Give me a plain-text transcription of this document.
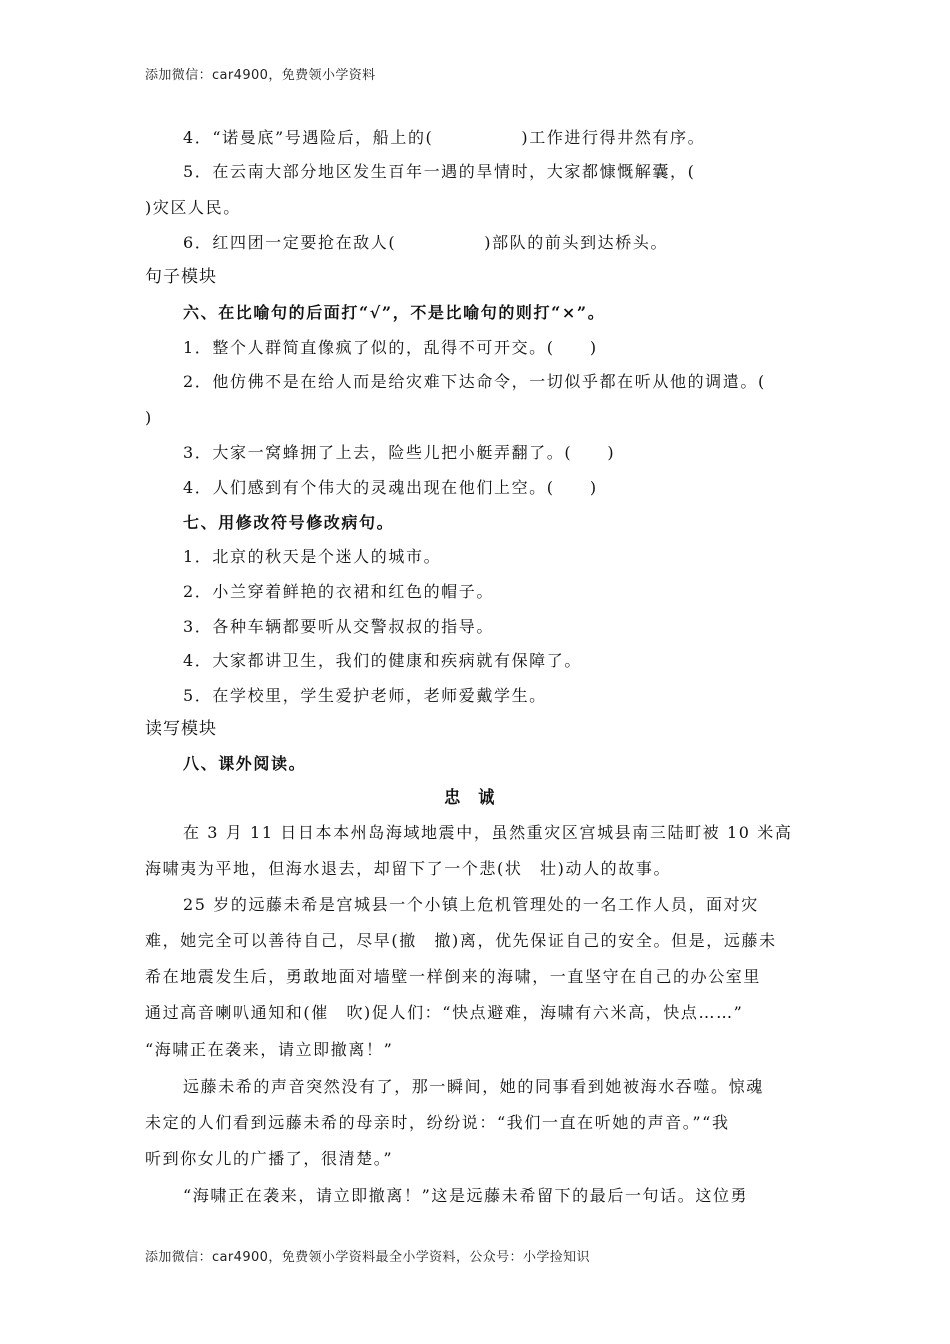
添加微信：car4900，免费领小学资料
4．“诺曼底”号遇险后，船上的(　　　　　)工作进行得井然有序。
5．在云南大部分地区发生百年一遇的旱情时，大家都慷慨解囊，(　　　
)灾区人民。
6．红四团一定要抢在敌人(　　　　　)部队的前头到达桥头。
句子模块
六、在比喻句的后面打“√”，不是比喻句的则打“×”。
1．整个人群简直像疯了似的，乱得不可开交。(　　)
2．他仿佛不是在给人而是给灾难下达命令，一切似乎都在听从他的调遣。(
)
3．大家一窝蜂拥了上去，险些儿把小艇弄翻了。(　　)
4．人们感到有个伟大的灵魂出现在他们上空。(　　)
七、用修改符号修改病句。
1．北京的秋天是个迷人的城市。
2．小兰穿着鲜艳的衣裙和红色的帽子。
3．各种车辆都要听从交警叔叔的指导。
4．大家都讲卫生，我们的健康和疾病就有保障了。
5．在学校里，学生爱护老师，老师爱戴学生。
读写模块
八、课外阅读。
忠　诚
在 3 月 11 日日本本州岛海域地震中，虽然重灾区宫城县南三陆町被 10 米高
海啸夷为平地，但海水退去，却留下了一个悲(状　壮)动人的故事。
25 岁的远藤未希是宫城县一个小镇上危机管理处的一名工作人员，面对灾
难，她完全可以善待自己，尽早(撤　撤)离，优先保证自己的安全。但是，远藤未
希在地震发生后，勇敢地面对墙壁一样倒来的海啸，一直坚守在自己的办公室里
通过高音喇叭通知和(催　吹)促人们：“快点避难，海啸有六米高，快点……”
“海啸正在袭来，请立即撤离！”
远藤未希的声音突然没有了，那一瞬间，她的同事看到她被海水吞噬。惊魂
未定的人们看到远藤未希的母亲时，纷纷说：“我们一直在听她的声音。”“我
听到你女儿的广播了，很清楚。”
“海啸正在袭来，请立即撤离！”这是远藤未希留下的最后一句话。这位勇
添加微信：car4900，免费领小学资料最全小学资料，公众号：小学捡知识
